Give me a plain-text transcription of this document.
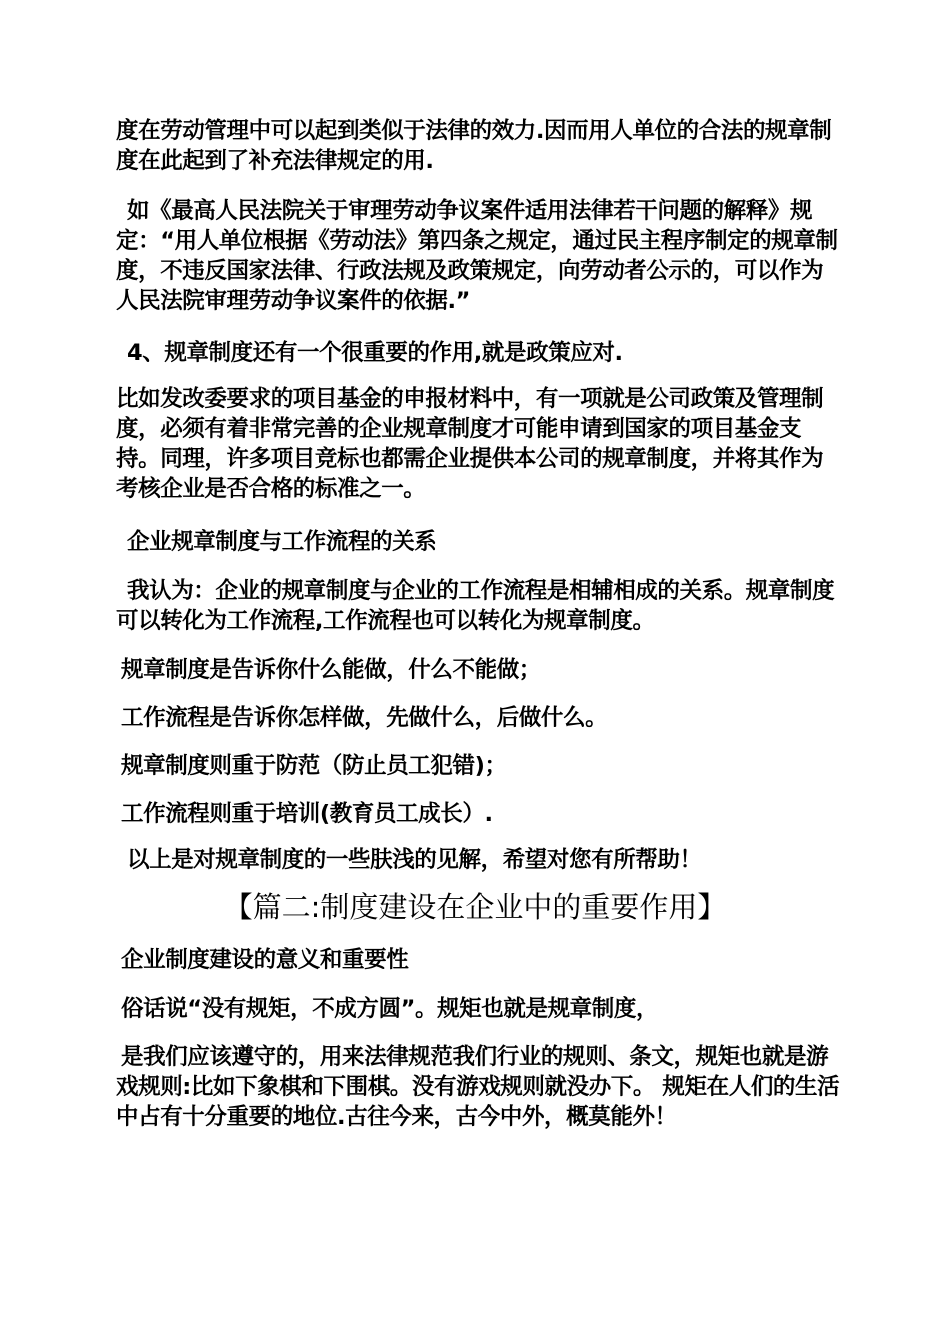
度在劳动管理中可以起到类似于法律的效力.因而用人单位的合法的规章制度在此起到了补充法律规定的用.

如《最高人民法院关于审理劳动争议案件适用法律若干问题的解释》规定：“用人单位根据《劳动法》第四条之规定，通过民主程序制定的规章制度，不违反国家法律、行政法规及政策规定，向劳动者公示的，可以作为人民法院审理劳动争议案件的依据.”

4、规章制度还有一个很重要的作用,就是政策应对.

比如发改委要求的项目基金的申报材料中，有一项就是公司政策及管理制度，必须有着非常完善的企业规章制度才可能申请到国家的项目基金支持。同理，许多项目竞标也都需企业提供本公司的规章制度，并将其作为考核企业是否合格的标准之一。

企业规章制度与工作流程的关系

我认为：企业的规章制度与企业的工作流程是相辅相成的关系。规章制度可以转化为工作流程,工作流程也可以转化为规章制度。

规章制度是告诉你什么能做，什么不能做；

工作流程是告诉你怎样做，先做什么，后做什么。

规章制度则重于防范（防止员工犯错)；

工作流程则重于培训(教育员工成长）.

以上是对规章制度的一些肤浅的见解，希望对您有所帮助！

【篇二:制度建设在企业中的重要作用】

企业制度建设的意义和重要性

俗话说“没有规矩，不成方圆”。规矩也就是规章制度，

是我们应该遵守的，用来法律规范我们行业的规则、条文，规矩也就是游戏规则:比如下象棋和下围棋。没有游戏规则就没办下。 规矩在人们的生活中占有十分重要的地位.古往今来，古今中外，概莫能外！
